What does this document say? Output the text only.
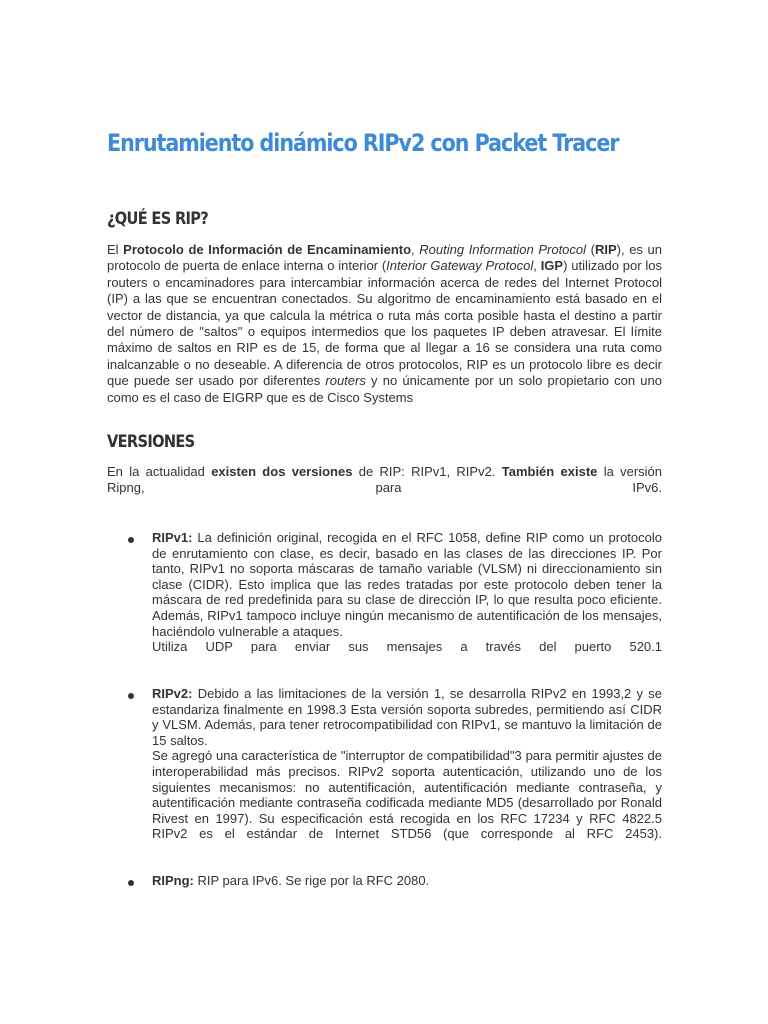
Enrutamiento dinámico RIPv2 con Packet Tracer
¿QUÉ ES RIP?

El Protocolo de Información de Encaminamiento, Routing Information Protocol (RIP), es un protocolo de puerta de enlace interna o interior (Interior Gateway Protocol, IGP) utilizado por los routers o encaminadores para intercambiar información acerca de redes del Internet Protocol (IP) a las que se encuentran conectados. Su algoritmo de encaminamiento está basado en el vector de distancia, ya que calcula la métrica o ruta más corta posible hasta el destino a partir del número de "saltos" o equipos intermedios que los paquetes IP deben atravesar. El límite máximo de saltos en RIP es de 15, de forma que al llegar a 16 se considera una ruta como inalcanzable o no deseable. A diferencia de otros protocolos, RIP es un protocolo libre es decir que puede ser usado por diferentes routers y no únicamente por un solo propietario con uno como es el caso de EIGRP que es de Cisco Systems

VERSIONES

En la actualidad existen dos versiones de RIP: RIPv1, RIPv2. También existe la versión Ripng, para IPv6.

RIPv1: La definición original, recogida en el RFC 1058, define RIP como un protocolo de enrutamiento con clase, es decir, basado en las clases de las direcciones IP. Por tanto, RIPv1 no soporta máscaras de tamaño variable (VLSM) ni direccionamiento sin clase (CIDR). Esto implica que las redes tratadas por este protocolo deben tener la máscara de red predefinida para su clase de dirección IP, lo que resulta poco eficiente. Además, RIPv1 tampoco incluye ningún mecanismo de autentificación de los mensajes, haciéndolo vulnerable a ataques.
Utiliza UDP para enviar sus mensajes a través del puerto 520.1

RIPv2: Debido a las limitaciones de la versión 1, se desarrolla RIPv2 en 1993,2 y se estandariza finalmente en 1998.3 Esta versión soporta subredes, permitiendo así CIDR y VLSM. Además, para tener retrocompatibilidad con RIPv1, se mantuvo la limitación de 15 saltos.
Se agregó una característica de "interruptor de compatibilidad"3 para permitir ajustes de interoperabilidad más precisos. RIPv2 soporta autenticación, utilizando uno de los siguientes mecanismos: no autentificación, autentificación mediante contraseña, y autentificación mediante contraseña codificada mediante MD5 (desarrollado por Ronald Rivest en 1997). Su especificación está recogida en los RFC 17234 y RFC 4822.5 RIPv2 es el estándar de Internet STD56 (que corresponde al RFC 2453).

RIPng: RIP para IPv6. Se rige por la RFC 2080.
